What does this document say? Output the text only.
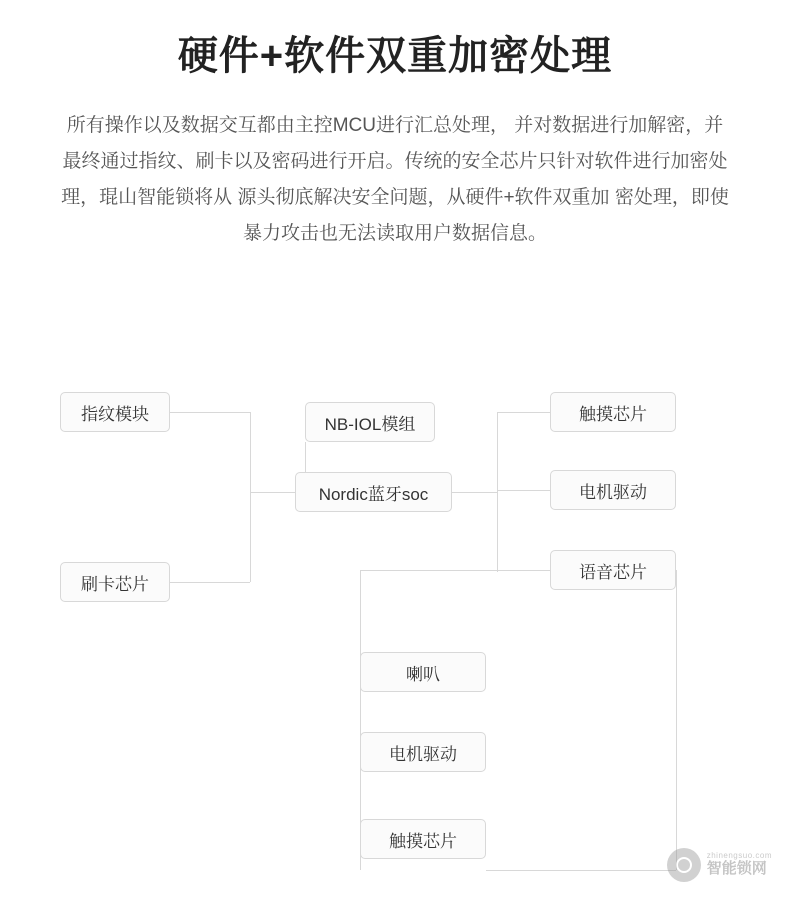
硬件+软件双重加密处理
所有操作以及数据交互都由主控MCU进行汇总处理， 并对数据进行加解密，并最终通过指纹、刷卡以及密码进行开启。传统的安全芯片只针对软件进行加密处理，琨山智能锁将从 源头彻底解决安全问题，从硬件+软件双重加 密处理，即使暴力攻击也无法读取用户数据信息。
指纹模块
NB-IOL模组
触摸芯片
Nordic蓝牙soc	电机驱动
刷卡芯片
语音芯片
喇叭
电机驱动
触摸芯片
zhinengsuo.com
智能锁网
